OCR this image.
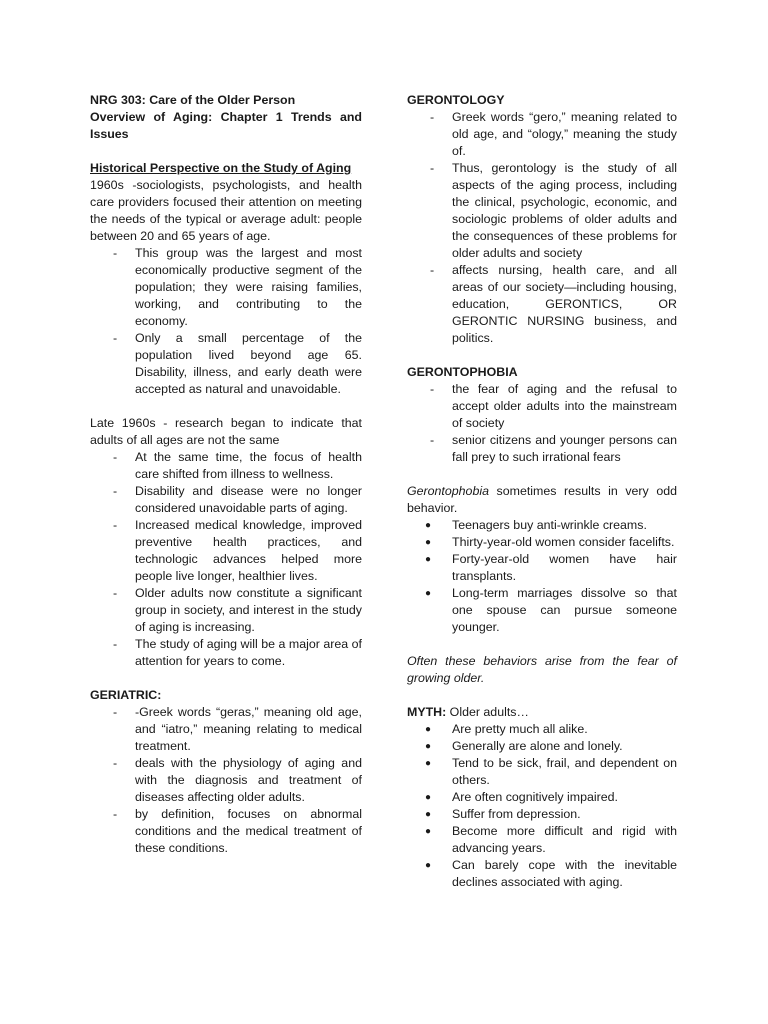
NRG 303: Care of the Older Person

Overview of Aging: Chapter 1 Trends and Issues

Historical Perspective on the Study of Aging

1960s -sociologists, psychologists, and health care providers focused their attention on meeting the needs of the typical or average adult: people between 20 and 65 years of age.

- This group was the largest and most economically productive segment of the population; they were raising families, working, and contributing to the economy.
- Only a small percentage of the population lived beyond age 65. Disability, illness, and early death were accepted as natural and unavoidable.

Late 1960s - research began to indicate that adults of all ages are not the same

- At the same time, the focus of health care shifted from illness to wellness.
- Disability and disease were no longer considered unavoidable parts of aging.
- Increased medical knowledge, improved preventive health practices, and technologic advances helped more people live longer, healthier lives.
- Older adults now constitute a significant group in society, and interest in the study of aging is increasing.
- The study of aging will be a major area of attention for years to come.

GERIATRIC:

- -Greek words “geras,” meaning old age, and “iatro,” meaning relating to medical treatment.
- deals with the physiology of aging and with the diagnosis and treatment of diseases affecting older adults.
- by definition, focuses on abnormal conditions and the medical treatment of these conditions.

GERONTOLOGY

- Greek words “gero,” meaning related to old age, and “ology,” meaning the study of.
- Thus, gerontology is the study of all aspects of the aging process, including the clinical, psychologic, economic, and sociologic problems of older adults and the consequences of these problems for older adults and society
- affects nursing, health care, and all areas of our society—including housing, education, GERONTICS, OR GERONTIC NURSING business, and politics.

GERONTOPHOBIA

- the fear of aging and the refusal to accept older adults into the mainstream of society
- senior citizens and younger persons can fall prey to such irrational fears

Gerontophobia sometimes results in very odd behavior.

● Teenagers buy anti-wrinkle creams.
● Thirty-year-old women consider facelifts.
● Forty-year-old women have hair transplants.
● Long-term marriages dissolve so that one spouse can pursue someone younger.

Often these behaviors arise from the fear of growing older.

MYTH: Older adults…

● Are pretty much all alike.
● Generally are alone and lonely.
● Tend to be sick, frail, and dependent on others.
● Are often cognitively impaired.
● Suffer from depression.
● Become more difficult and rigid with advancing years.
● Can barely cope with the inevitable declines associated with aging.
